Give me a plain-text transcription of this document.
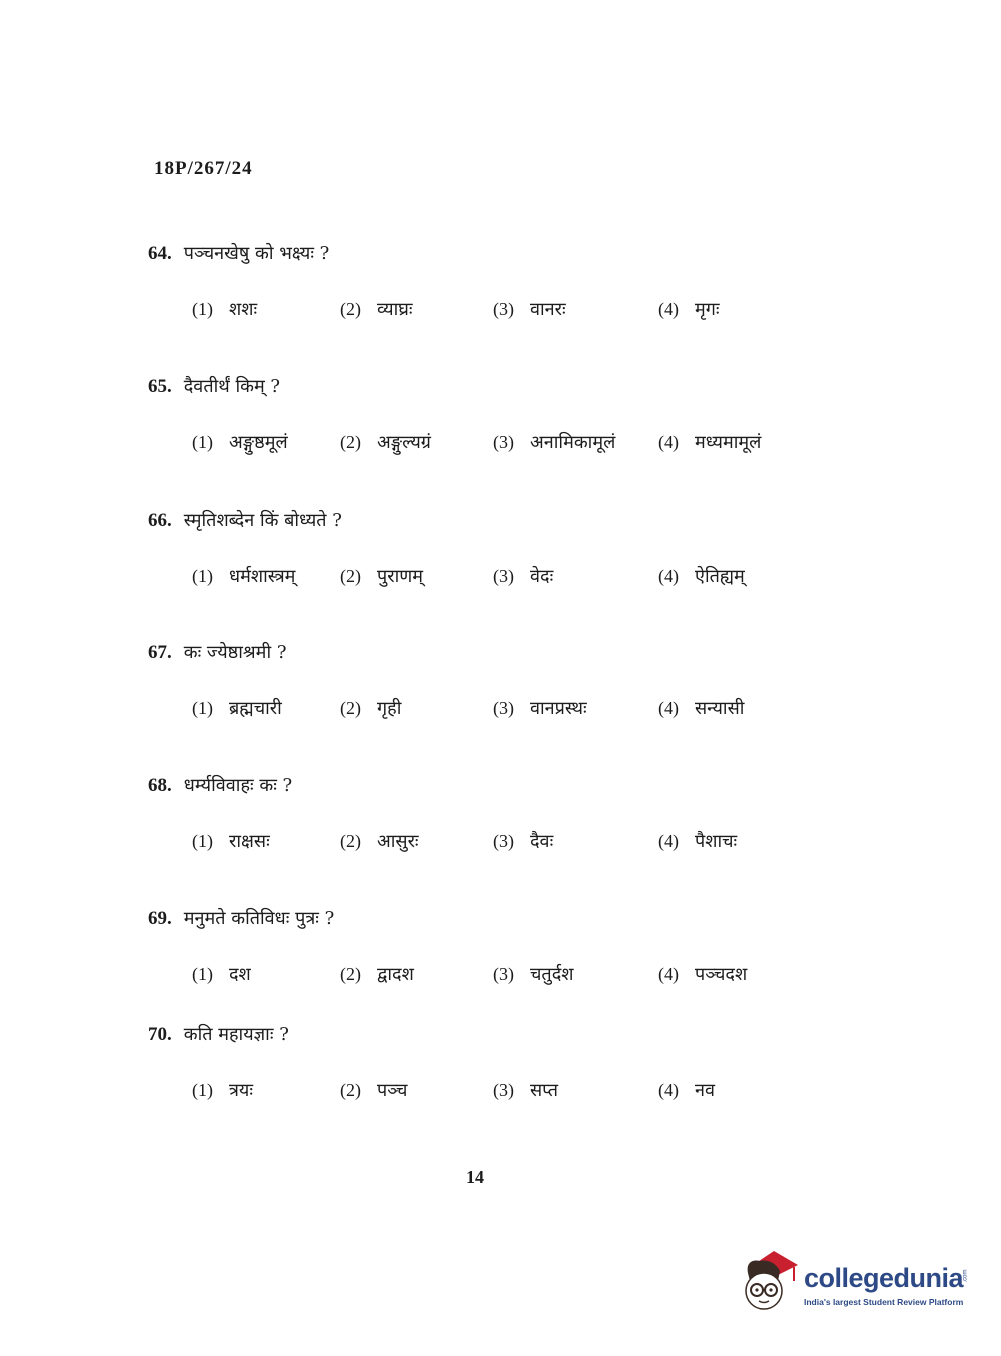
18P/267/24
64. पञ्चनखेषु को भक्ष्यः ?
(1) शशः	(2) व्याघ्रः	(3) वानरः	(4) मृगः
65. दैवतीर्थं किम् ?
(1) अङ्गुष्ठमूलं	(2) अङ्गुल्यग्रं	(3) अनामिकामूलं (4) मध्यमामूलं
66. स्मृतिशब्देन किं बोध्यते ?
(1) धर्मशास्त्रम् (2) पुराणम्	(3) वेदः	(4) ऐतिह्यम्
67. कः ज्येष्ठाश्रमी ?
(1) ब्रह्मचारी	(2) गृही	(3) वानप्रस्थः	(4) सन्यासी
68. धर्म्यविवाहः कः ?
(1) राक्षसः	(2) आसुरः	(3) दैवः	(4) पैशाचः
69. मनुमते कतिविधः पुत्रः ?
(1) दश	(2) द्वादश	(3) चतुर्दश	(4) पञ्चदश
70. कति महायज्ञाः ?
(1) त्रयः	(2) पञ्च	(3) सप्त	(4) नव
14
collegedunia .com
India's largest Student Review Platform
